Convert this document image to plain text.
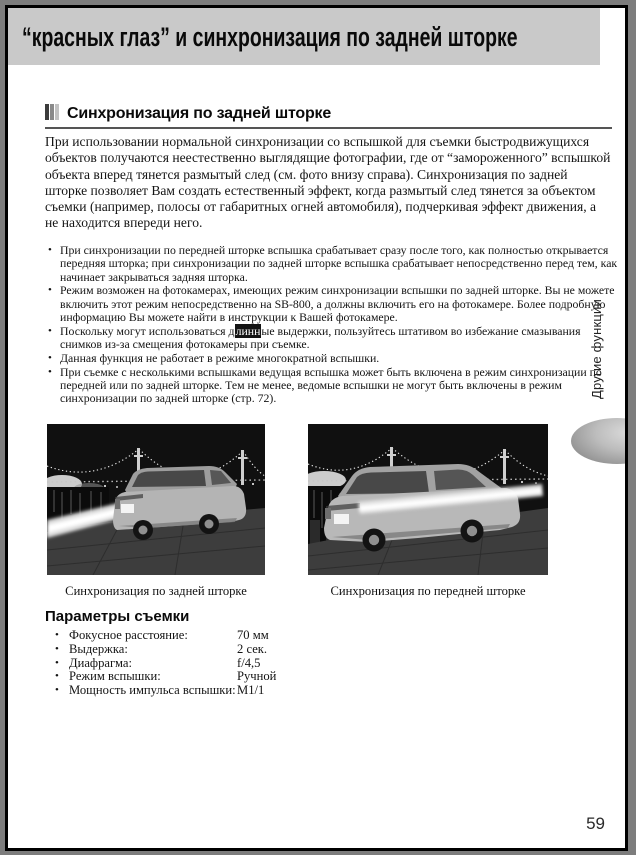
“красных глаз” и синхронизация по задней шторке
Синхронизация по задней шторке
При использовании нормальной синхронизации со вспышкой для съемки быстродвижущихся объектов получаются неестественно выглядящие фотографии, где от “замороженного” вспышкой объекта вперед тянется размытый след (см. фото внизу справа). Синхронизация по задней шторке позволяет Вам создать естественный эффект, когда размытый след тянется за объектом съемки (например, полосы от габаритных огней автомобиля), подчеркивая эффект движения, а не находится впереди него.
• При синхронизации по передней шторке вспышка срабатывает сразу после того, как полностью открывается передняя шторка; при синхронизации по задней шторке вспышка срабатывает непосредственно перед тем, как начинает закрываться задняя шторка.
• Режим возможен на фотокамерах, имеющих режим синхронизации вспышки по задней шторке. Вы не можете включить этот режим непосредственно на SB-800, а должны включить его на фотокамере. Более подробную информацию Вы можете найти в инструкции к Вашей фотокамере.
• Поскольку могут использоваться длинные выдержки, пользуйтесь штативом во избежание смазывания снимков из-за смещения фотокамеры при съемке.
• Данная функция не работает в режиме многократной вспышки.
• При съемке с несколькими вспышками ведущая вспышка может быть включена в режим синхронизации по передней или по задней шторке. Тем не менее, ведомые вспышки не могут быть включены в режим синхронизации по задней шторке (стр. 72).
Синхронизация по задней шторке	Синхронизация по передней шторке
Параметры съемки
• Фокусное расстояние:	70 мм
• Выдержка:	2 сек.
• Диафрагма:	f/4,5
• Режим вспышки:	Ручной
• Мощность импульса вспышки:M1/1
Другие функции
59
